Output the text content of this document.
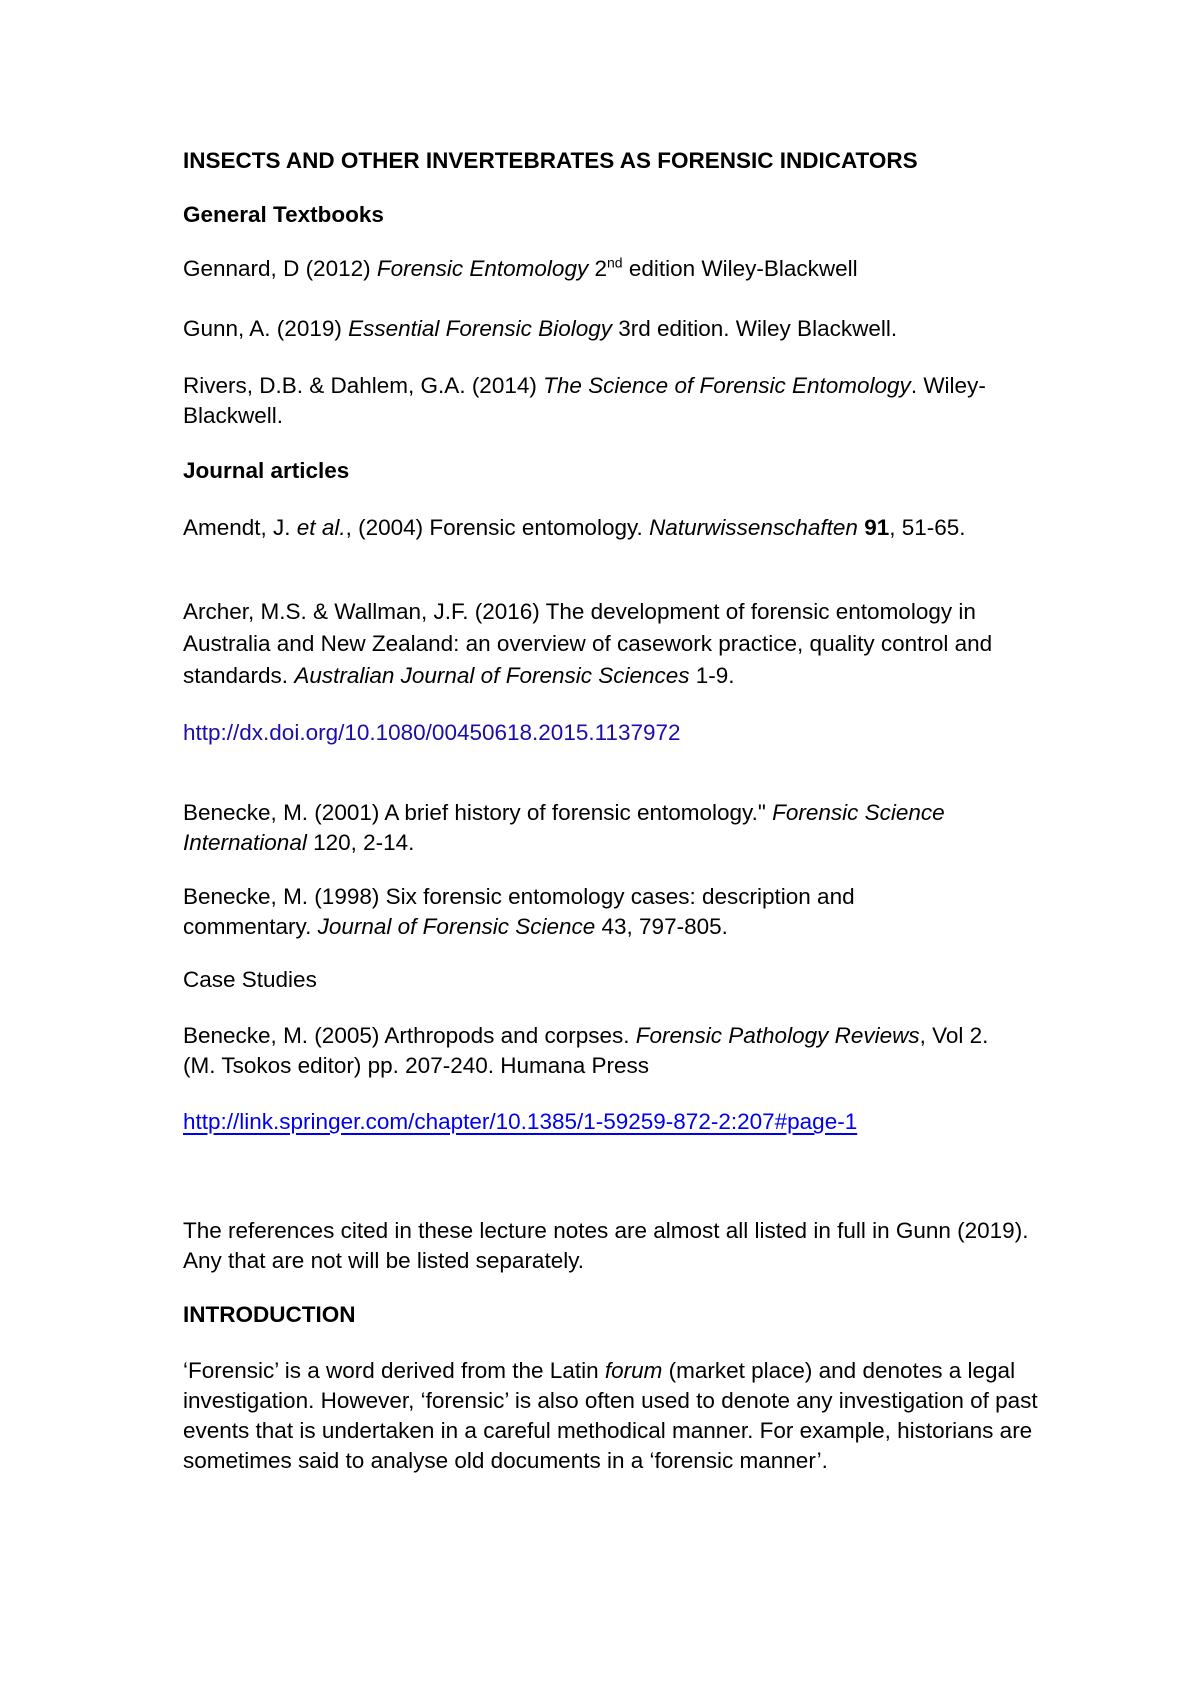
INSECTS AND OTHER INVERTEBRATES AS FORENSIC INDICATORS

General Textbooks

Gennard, D (2012) Forensic Entomology 2nd edition Wiley-Blackwell

Gunn, A. (2019) Essential Forensic Biology 3rd edition. Wiley Blackwell.

Rivers, D.B. & Dahlem, G.A. (2014) The Science of Forensic Entomology. Wiley-Blackwell.

Journal articles

Amendt, J. et al., (2004) Forensic entomology. Naturwissenschaften 91, 51-65.

Archer, M.S. & Wallman, J.F. (2016) The development of forensic entomology in Australia and New Zealand: an overview of casework practice, quality control and standards. Australian Journal of Forensic Sciences 1-9.

http://dx.doi.org/10.1080/00450618.2015.1137972

Benecke, M. (2001) A brief history of forensic entomology." Forensic Science International 120, 2-14.

Benecke, M. (1998) Six forensic entomology cases: description and commentary. Journal of Forensic Science 43, 797-805.

Case Studies

Benecke, M. (2005) Arthropods and corpses. Forensic Pathology Reviews, Vol 2. (M. Tsokos editor) pp. 207-240. Humana Press

http://link.springer.com/chapter/10.1385/1-59259-872-2:207#page-1

The references cited in these lecture notes are almost all listed in full in Gunn (2019). Any that are not will be listed separately.

INTRODUCTION

‘Forensic’ is a word derived from the Latin forum (market place) and denotes a legal investigation. However, ‘forensic’ is also often used to denote any investigation of past events that is undertaken in a careful methodical manner. For example, historians are sometimes said to analyse old documents in a ‘forensic manner’.
